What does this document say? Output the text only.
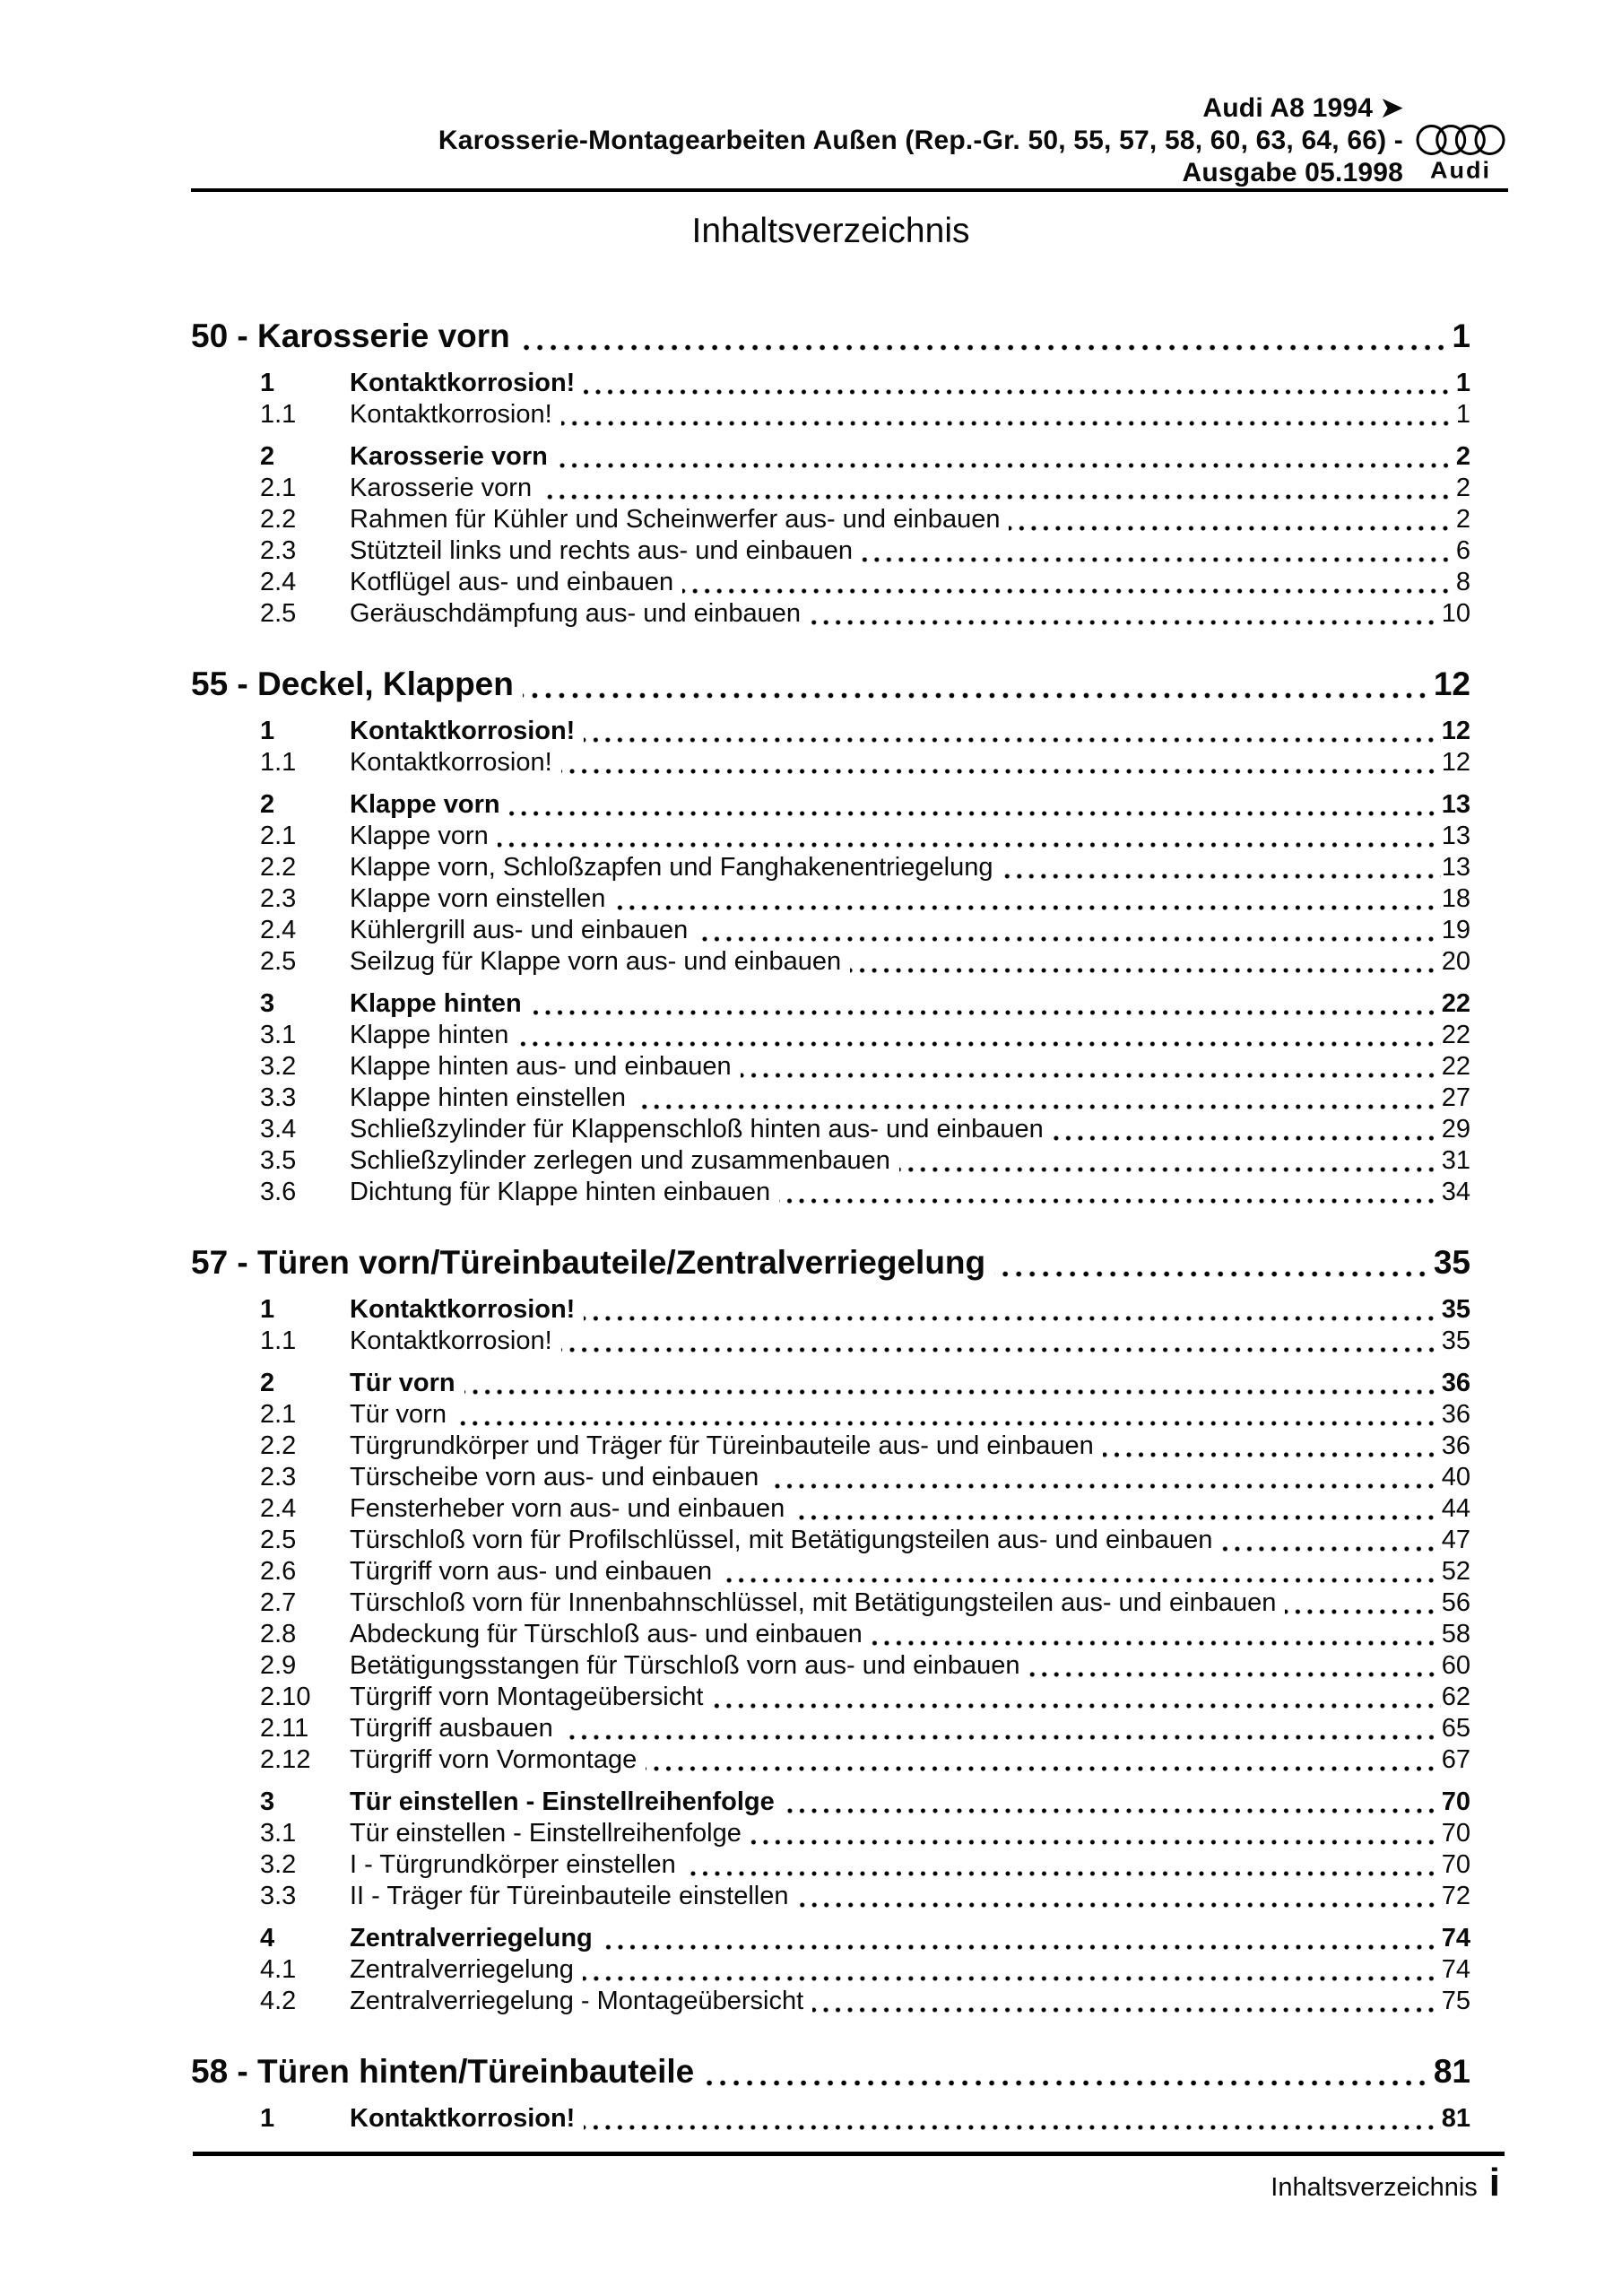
Audi A8 1994 ➤
Karosserie-Montagearbeiten Außen (Rep.-Gr. 50, 55, 57, 58, 60, 63, 64, 66) -
Ausgabe 05.1998	Audi
Inhaltsverzeichnis
50 - Karosserie vorn	1
1	Kontaktkorrosion!	1
1.1	Kontaktkorrosion!	1
2	Karosserie vorn	2
2.1	Karosserie vorn	2
2.2	Rahmen für Kühler und Scheinwerfer aus- und einbauen	2
2.3	Stützteil links und rechts aus- und einbauen	6
2.4	Kotflügel aus- und einbauen	8
2.5	Geräuschdämpfung aus- und einbauen	10
55 - Deckel, Klappen	12
1	Kontaktkorrosion!	12
1.1	Kontaktkorrosion!	12
2	Klappe vorn	13
2.1	Klappe vorn	13
2.2	Klappe vorn, Schloßzapfen und Fanghakenentriegelung	13
2.3	Klappe vorn einstellen	18
2.4	Kühlergrill aus- und einbauen	19
2.5	Seilzug für Klappe vorn aus- und einbauen	20
3	Klappe hinten	22
3.1	Klappe hinten	22
3.2	Klappe hinten aus- und einbauen	22
3.3	Klappe hinten einstellen	27
3.4	Schließzylinder für Klappenschloß hinten aus- und einbauen	29
3.5	Schließzylinder zerlegen und zusammenbauen	31
3.6	Dichtung für Klappe hinten einbauen	34
57 - Türen vorn/Türeinbauteile/Zentralverriegelung	35
1	Kontaktkorrosion!	35
1.1	Kontaktkorrosion!	35
2	Tür vorn	36
2.1	Tür vorn	36
2.2	Türgrundkörper und Träger für Türeinbauteile aus- und einbauen	36
2.3	Türscheibe vorn aus- und einbauen	40
2.4	Fensterheber vorn aus- und einbauen	44
2.5	Türschloß vorn für Profilschlüssel, mit Betätigungsteilen aus- und einbauen	47
2.6	Türgriff vorn aus- und einbauen	52
2.7	Türschloß vorn für Innenbahnschlüssel, mit Betätigungsteilen aus- und einbauen	56
2.8	Abdeckung für Türschloß aus- und einbauen	58
2.9	Betätigungsstangen für Türschloß vorn aus- und einbauen	60
2.10	Türgriff vorn Montageübersicht	62
2.11	Türgriff ausbauen	65
2.12	Türgriff vorn Vormontage	67
3	Tür einstellen - Einstellreihenfolge	70
3.1	Tür einstellen - Einstellreihenfolge	70
3.2	I - Türgrundkörper einstellen	70
3.3	II - Träger für Türeinbauteile einstellen	72
4	Zentralverriegelung	74
4.1	Zentralverriegelung	74
4.2	Zentralverriegelung - Montageübersicht	75
58 - Türen hinten/Türeinbauteile	81
1	Kontaktkorrosion!	81
Inhaltsverzeichnis i
